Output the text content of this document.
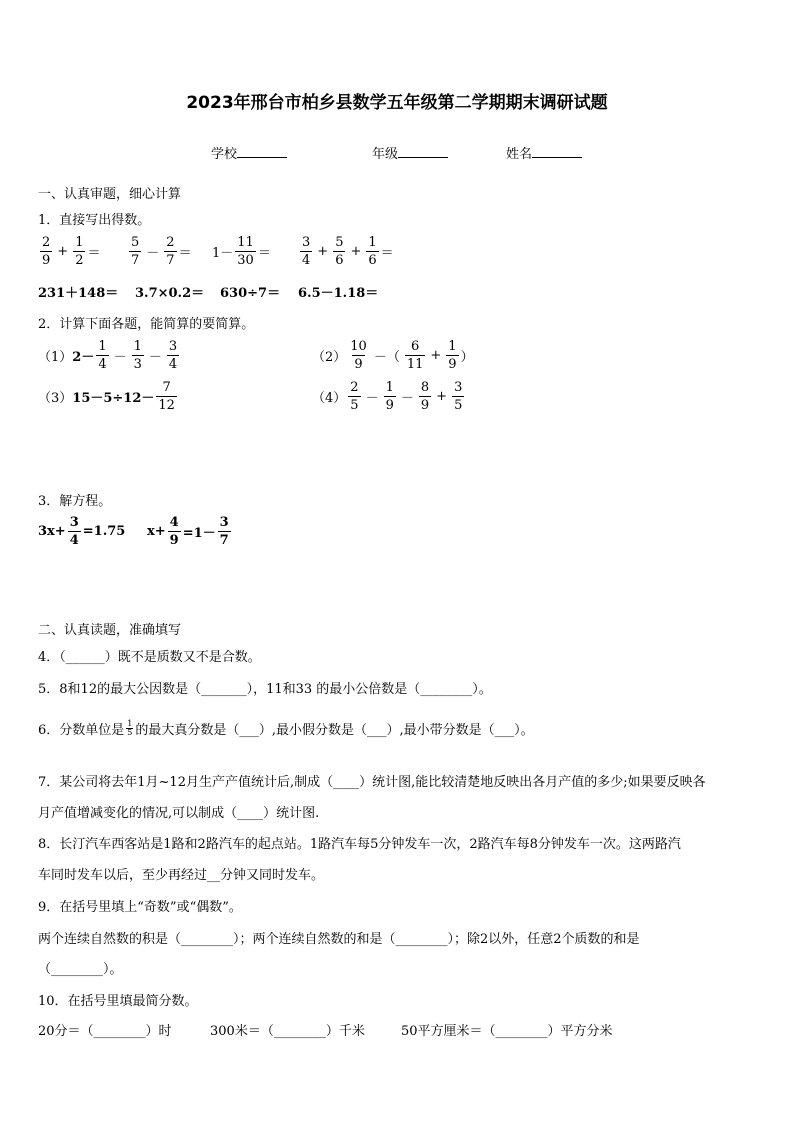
2023年邢台市柏乡县数学五年级第二学期期末调研试题
学校	年级	姓名
一、认真审题，细心计算
1．直接写出得数。
$\frac{2}{9} + \frac{1}{2} = \frac{5}{7} - \frac{2}{7} = 1- \frac{11}{30} = \frac{3}{4} + \frac{5}{6} + \frac{1}{6}$ ＝
231＋148＝ 3.7×0.2＝ 630÷7＝ 6.5－1.18＝
2．计算下面各题，能简算的要简算。
（1） $2- \frac{1}{4} - \frac{1}{3} - \frac{3}{4}$	$(2) \frac{10}{9}$ －（ $\frac{6}{11} + \frac{1}{9}$ ）
（3） $15-5\div 12- \frac{7}{12}$	$(4) \frac{2}{5} - \frac{1}{9} - \frac{8}{9} + \frac{3}{5}$
3．解方程。
$3x+ \frac{3}{4} =1.75$ $x+ \frac{4}{9} =1- \frac{3}{7}$
二、认真读题，准确填写
4．（______）既不是质数又不是合数。
5．8和12的最大公因数是（_______），11和33 的最小公倍数是（________）。
6．分数单位是 $\frac{1}{5}$ 的最大真分数是（___）,最小假分数是（___）,最小带分数是（___）。
7．某公司将去年1月~12月生产产值统计后,制成（____）统计图,能比较清楚地反映出各月产值的多少;如果要反映各
月产值增减变化的情况,可以制成（____）统计图.
8．长汀汽车西客站是1路和2路汽车的起点站。1路汽车每5分钟发车一次，2路汽车每8分钟发车一次。这两路汽
车同时发车以后，至少再经过__分钟又同时发车。
9．在括号里填上“奇数”或“偶数”。
两个连续自然数的积是（________）；两个连续自然数的和是（________）；除2以外，任意2个质数的和是
（________）。
10．在括号里填最简分数。
20分＝（________）时	300米＝（________）千米	50平方厘米＝（________）平方分米
